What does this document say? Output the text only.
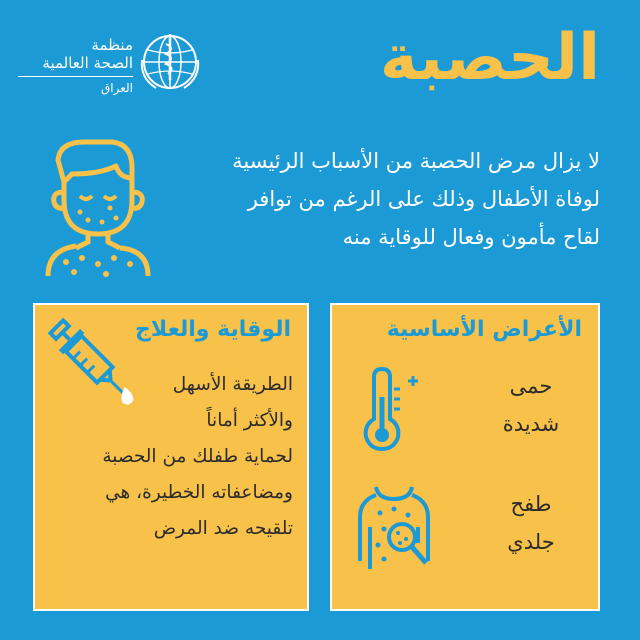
منظمة
الصحة العالمية
العراق	الحصبة
لا يزال مرض الحصبة من الأسباب الرئيسية
لوفاة الأطفال وذلك على الرغم من توافر
لقاح مأمون وفعال للوقاية منه
الوقاية والعلاج
الطريقة الأسهل
والأكثر أماناً
لحماية طفلك من الحصبة
ومضاعفاته الخطيرة، هي
تلقيحه ضد المرض
الأعراض الأساسية
حمى
شديدة
طفح
جلدي
